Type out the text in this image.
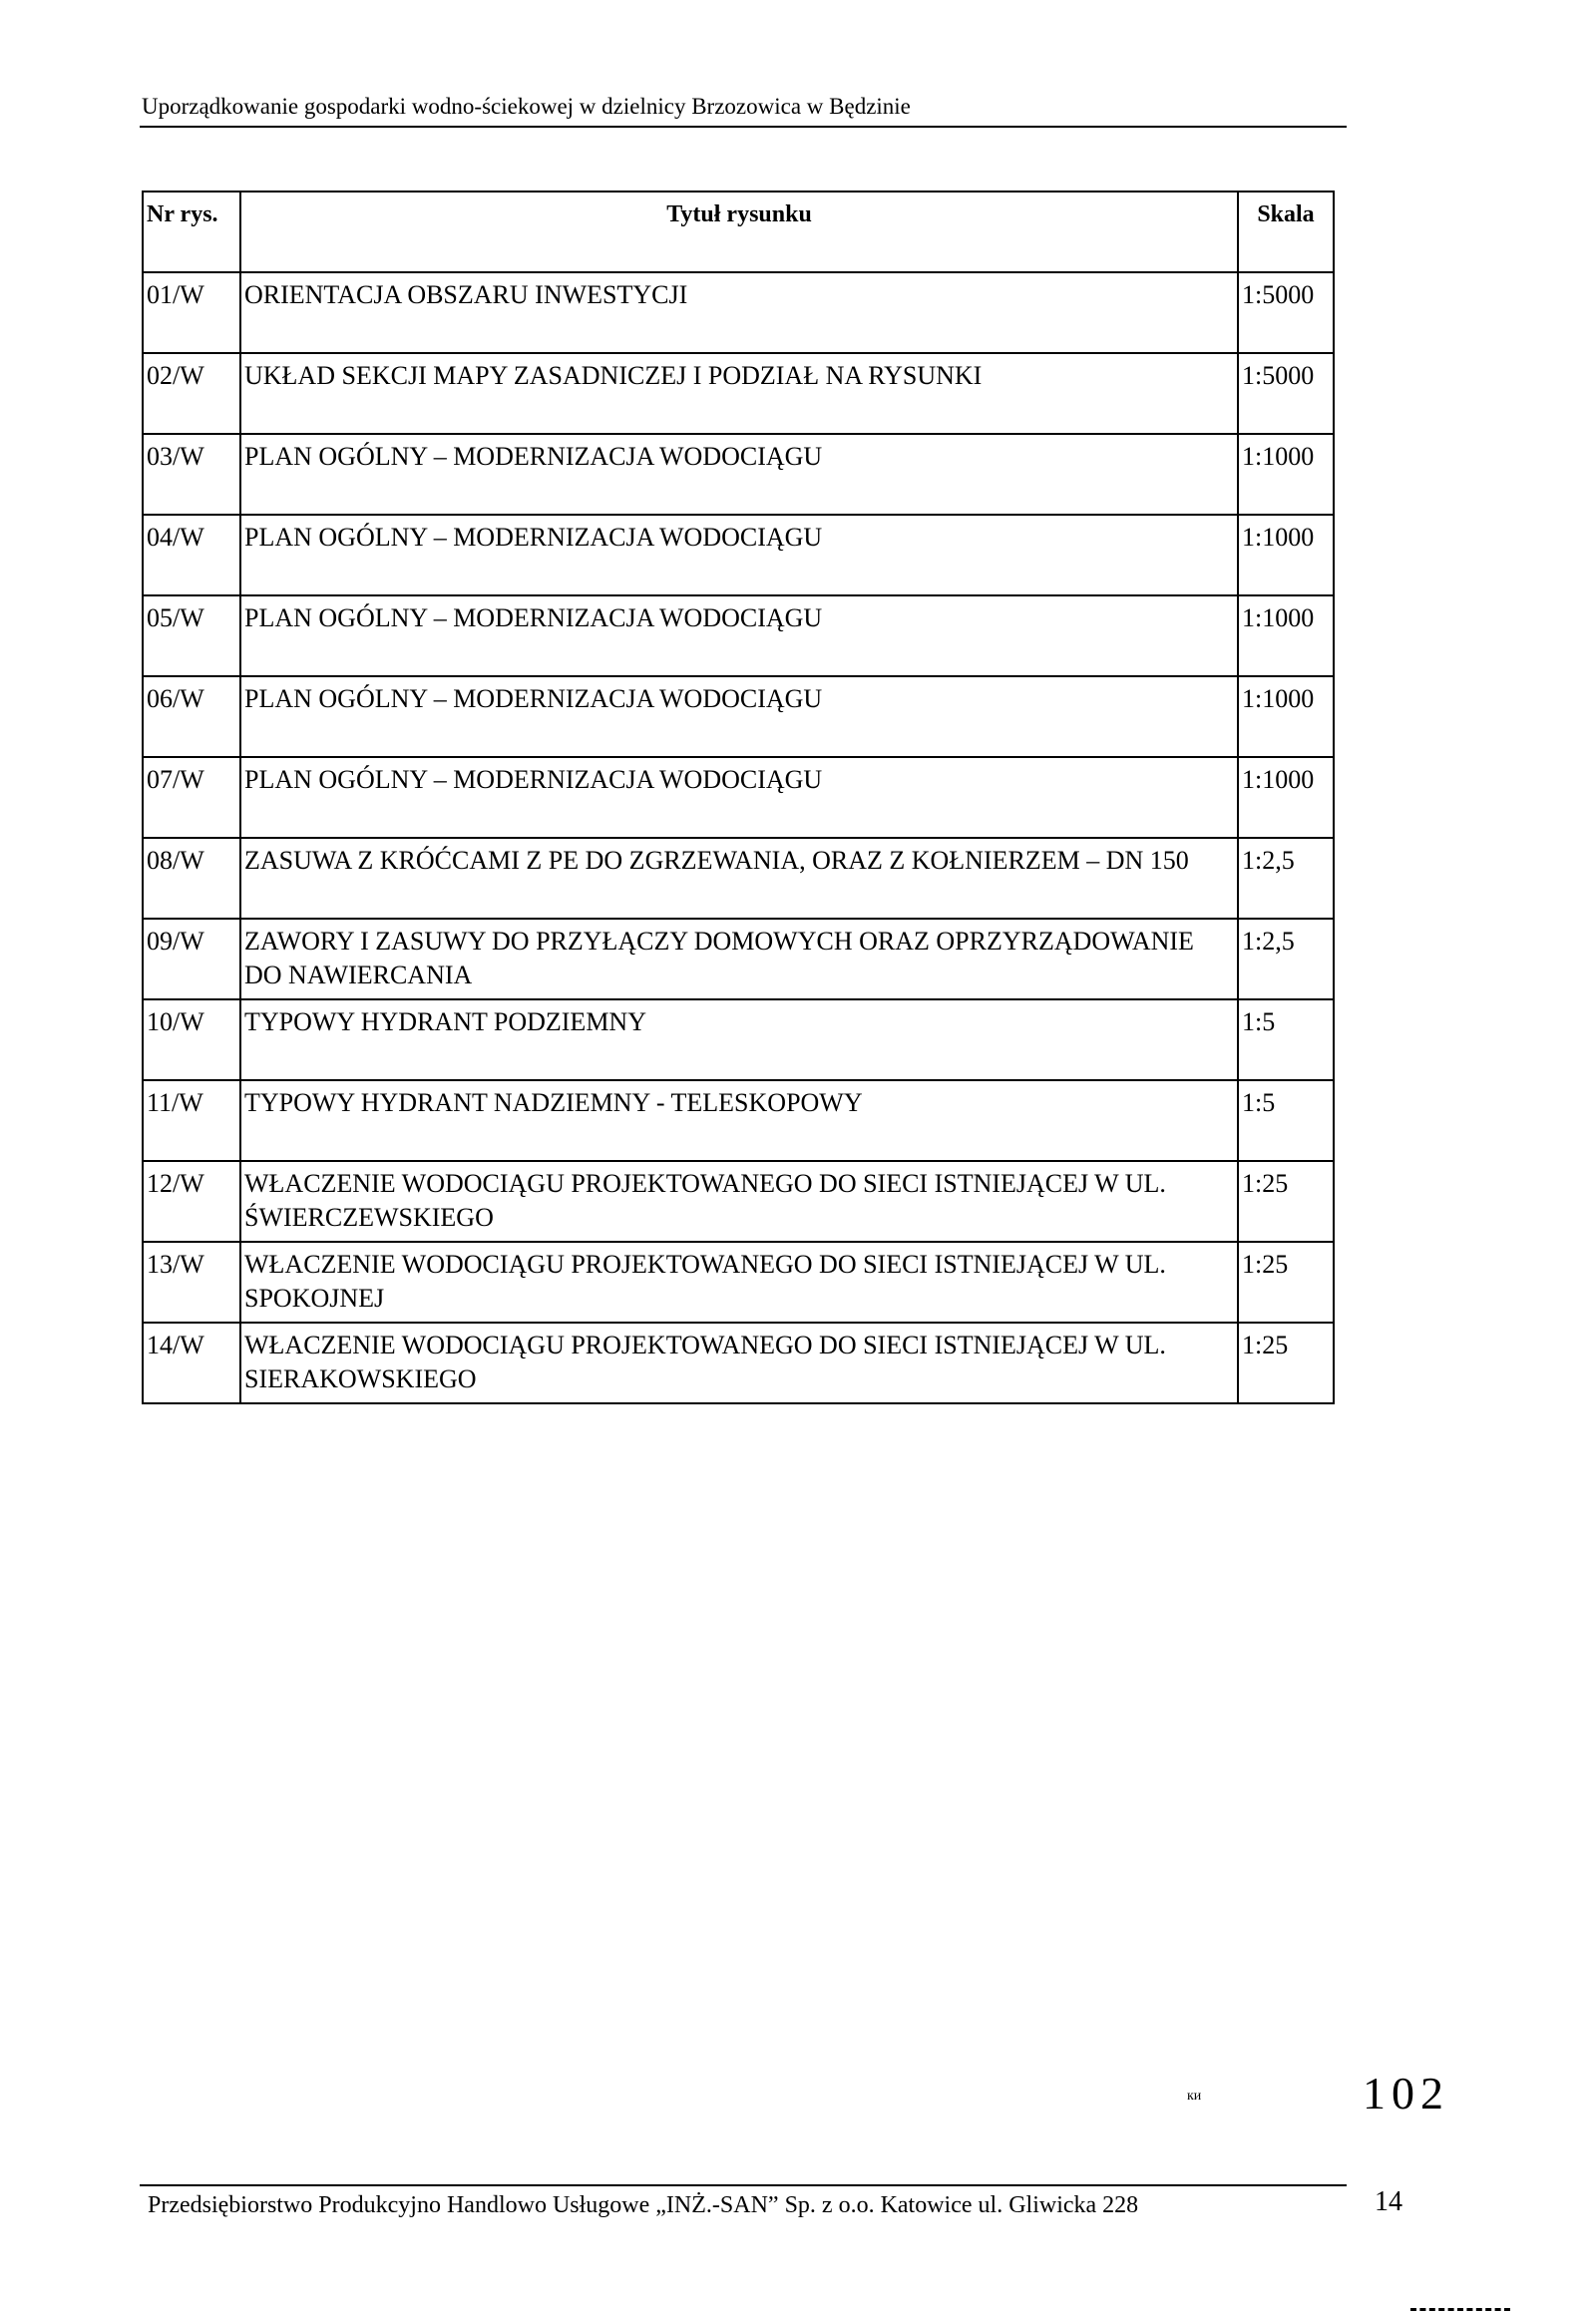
Uporządkowanie gospodarki wodno-ściekowej w dzielnicy Brzozowica w Będzinie
Nr rys.	Tytuł rysunku	Skala
01/W	ORIENTACJA OBSZARU INWESTYCJI	1:5000
02/W	UKŁAD SEKCJI MAPY ZASADNICZEJ I PODZIAŁ NA RYSUNKI	1:5000
03/W	PLAN OGÓLNY – MODERNIZACJA WODOCIĄGU	1:1000
04/W	PLAN OGÓLNY – MODERNIZACJA WODOCIĄGU	1:1000
05/W	PLAN OGÓLNY – MODERNIZACJA WODOCIĄGU	1:1000
06/W	PLAN OGÓLNY – MODERNIZACJA WODOCIĄGU	1:1000
07/W	PLAN OGÓLNY – MODERNIZACJA WODOCIĄGU	1:1000
08/W	ZASUWA Z KRÓĆCAMI Z PE DO ZGRZEWANIA, ORAZ Z KOŁNIERZEM – DN 150	1:2,5
09/W	ZAWORY I ZASUWY DO PRZYŁĄCZY DOMOWYCH ORAZ OPRZYRZĄDOWANIE DO NAWIERCANIA	1:2,5
10/W	TYPOWY HYDRANT PODZIEMNY	1:5
11/W	TYPOWY HYDRANT NADZIEMNY - TELESKOPOWY	1:5
12/W	WŁACZENIE WODOCIĄGU PROJEKTOWANEGO DO SIECI ISTNIEJĄCEJ W UL. ŚWIERCZEWSKIEGO	1:25
13/W	WŁACZENIE WODOCIĄGU PROJEKTOWANEGO DO SIECI ISTNIEJĄCEJ W UL. SPOKOJNEJ	1:25
14/W	WŁACZENIE WODOCIĄGU PROJEKTOWANEGO DO SIECI ISTNIEJĄCEJ W UL. SIERAKOWSKIEGO	1:25
ки	102
Przedsiębiorstwo Produkcyjno Handlowo Usługowe „INŻ.-SAN” Sp. z o.o. Katowice ul. Gliwicka 228	14
